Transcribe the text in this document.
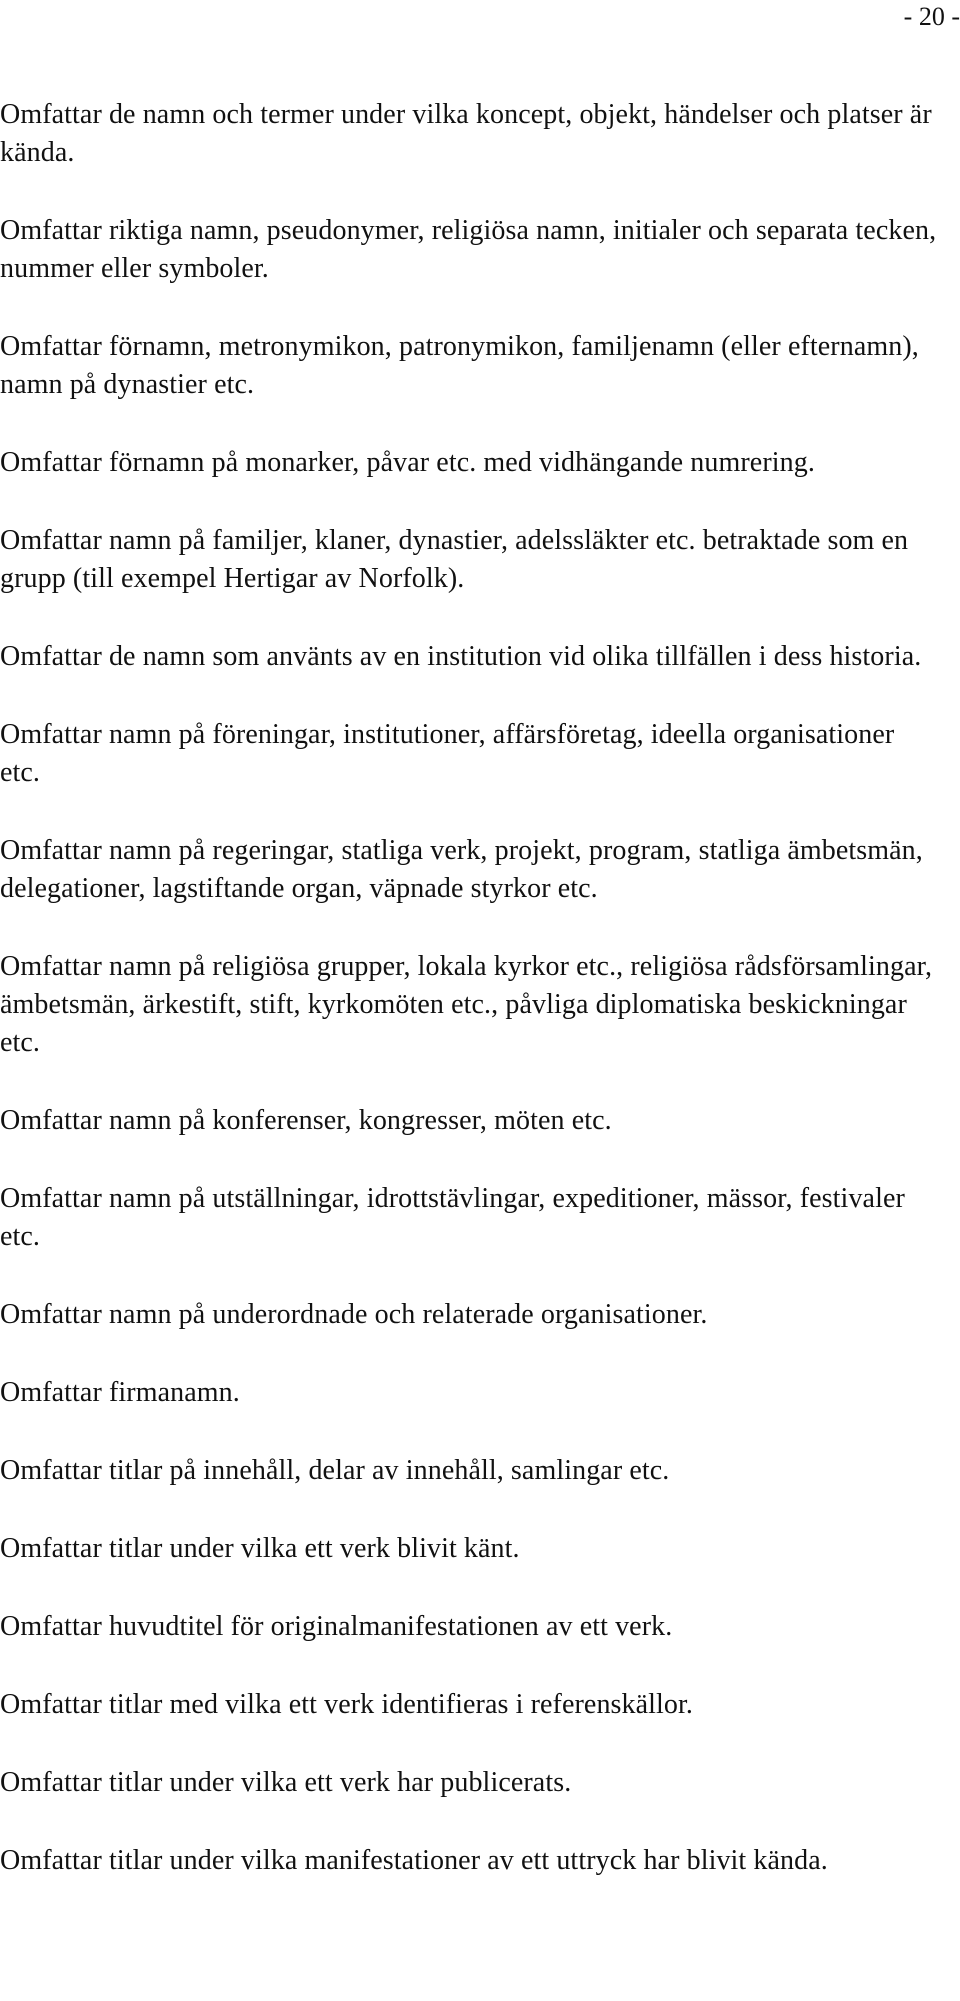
- 20 -

Omfattar de namn och termer under vilka koncept, objekt, händelser och platser är kända.

Omfattar riktiga namn, pseudonymer, religiösa namn, initialer och separata tecken, nummer eller symboler.

Omfattar förnamn, metronymikon, patronymikon, familjenamn (eller efternamn), namn på dynastier etc.

Omfattar förnamn på monarker, påvar etc. med vidhängande numrering.

Omfattar namn på familjer, klaner, dynastier, adelssläkter etc. betraktade som en grupp (till exempel Hertigar av Norfolk).

Omfattar de namn som använts av en institution vid olika tillfällen i dess historia.

Omfattar namn på föreningar, institutioner, affärsföretag, ideella organisationer etc.

Omfattar namn på regeringar, statliga verk, projekt, program, statliga ämbetsmän, delegationer, lagstiftande organ, väpnade styrkor etc.

Omfattar namn på religiösa grupper, lokala kyrkor etc., religiösa rådsförsamlingar, ämbetsmän, ärkestift, stift, kyrkomöten etc., påvliga diplomatiska beskickningar etc.

Omfattar namn på konferenser, kongresser, möten etc.

Omfattar namn på utställningar, idrottstävlingar, expeditioner, mässor, festivaler etc.

Omfattar namn på underordnade och relaterade organisationer.

Omfattar firmanamn.

Omfattar titlar på innehåll, delar av innehåll, samlingar etc.

Omfattar titlar under vilka ett verk blivit känt.

Omfattar huvudtitel för originalmanifestationen av ett verk.

Omfattar titlar med vilka ett verk identifieras i referenskällor.

Omfattar titlar under vilka ett verk har publicerats.

Omfattar titlar under vilka manifestationer av ett uttryck har blivit kända.
